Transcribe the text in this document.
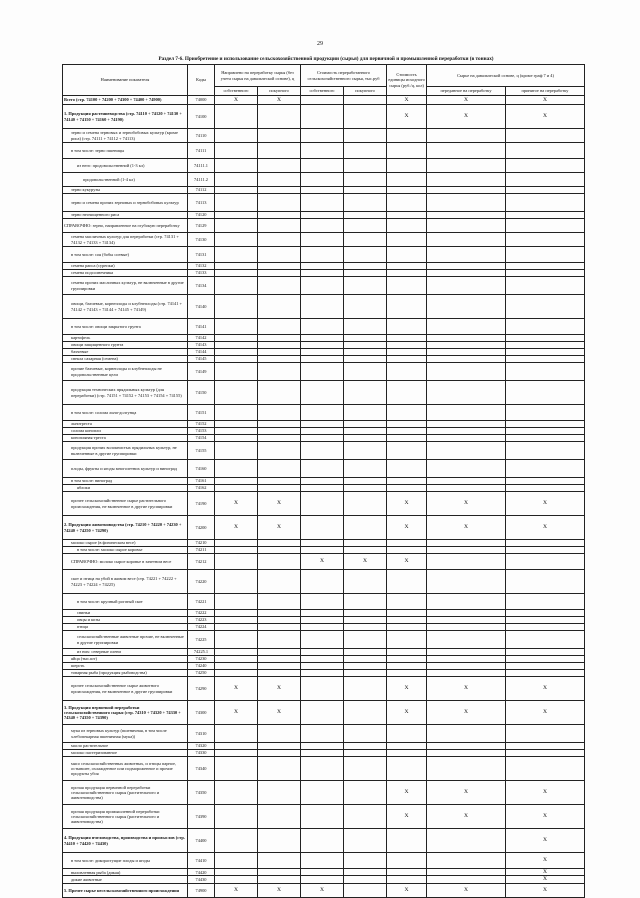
29
Раздел 7-6. Приобретение и использование сельскохозяйственной продукции (сырья) для первичной и промышленной переработки (в тоннах)
Наименование показателя	Коды	Направлено на переработку сырья (без учета сырья на давальческой основе), ц		Стоимость переработанного сельскохозяйственного сырья, тыс.руб		Стоимость единицы исходного сырья (руб./ц, кол)	Сырье на давальческой основе, ц (кроме граф 7 и 4)	
		собственного	покупного	собственного	покупного		переданное на переработку	принятое на переработку
Всего (стр. 74100 + 74200 + 74300 + 74400 + 74900)	74000	X	X			X	X	X
1. Продукция растениеводства (стр. 74110 + 74120 + 74130 + 74140 + 74150 + 74160 + 74190)	74100					X	X	X
зерно и семена зерновых и зернобобовых культур (кроме риса) (стр. 74111 + 74112 + 74113)	74110							
в том числе: зерно пшеницы	74111							
из него: продовольственной (1-3 кл)	74111.1							
продовольственной (1-4 кл)	74111.2							
зерно кукурузы	74112							
зерно и семена прочих зерновых и зернобобовых культур	74113							
зерно неочищенного риса	74120							
СПРАВОЧНО: зерно, направленное на глубокую переработку	74129							
семена масличных культур для переработки (стр. 74131 + 74132 + 74133 + 74134)	74130							
в том числе: соя (бобы соевые)	74131							
семена рапса (сурепки)	74132							
семена подсолнечника	74133							
семена прочих масличных культур, не включенные в другие группировки	74134							
овощи, бахчевые, корнеплоды и клубнеплоды (стр. 74141 + 74142 + 74143 + 74144 + 74145 + 74149)	74140							
в том числе: овощи закрытого грунта	74141							
картофель	74142							
овощи защищенного грунта	74143							
бахчевые	74144							
свекла сахарная (семена)	74145							
прочие бахчевые, корнеплоды и клубнеплоды не продовольственные цели	74149							
продукция технических прядильных культур (для переработки) (стр. 74151 + 74152 + 74153 + 74154 + 74155)	74150							
в том числе: солома льна-долгунца	74151							
льнотреста	74152							
солома конопли	74153							
конопляная треста	74154							
продукция прочих волокнистых прядильных культур, не включенные в другие группировки	74155							
плоды, фрукты и ягоды многолетних культур и виноград	74160							
в том числе: виноград	74161							
яблоки	74162							
прочее сельскохозяйственное сырье растительного происхождения, не включенное в другие группировки	74190	X	X			X	X	X
2. Продукция животноводства (стр. 74210 + 74220 + 74230 + 74240 + 74250 + 74290)	74200	X	X			X	X	X
молоко сырое (в физическом весе)	74210							
в том числе: молоко сырое коровье	74211							
СПРАВОЧНО: молоко сырое коровье в зачетном весе	74212			X	X	X		
скот и птица на убой в живом весе (стр. 74221 + 74222 + 74223 + 74224 + 74225)	74220							
в том числе: крупный рогатый скот	74221							
свиньи	74222							
овцы и козы	74223							
птица	74224							
сельскохозяйственные животные прочие, не включенные в другие группировки	74225							
из них: северные олени	74225.1							
яйца (тыс.шт)	74230							
шерсть	74240							
товарная рыба (продукция рыбоводства)	74250							
прочее сельскохозяйственное сырье животного происхождения, не включенное в другие группировки	74290	X	X			X	X	X
3. Продукция первичной переработки сельскохозяйственного сырья (стр. 74310 + 74320 + 74330 + 74340 + 74350 + 74390)	74300	X	X			X	X	X
мука из зерновых культур (пшеничная, в том числе хлебопекарная пшеничная (мука))	74310							
масло растительное	74320							
молоко пастеризованное	74330							
мясо сельскохозяйственных животных, и птицы парное, остывшее, охлажденное или подмороженное и прочие продукты убоя	74340							
прочая продукция первичной переработки сельскохозяйственного сырья (растительного и животноводства)	74350					X	X	X
прочая продукция промышленной переработки сельскохозяйственного сырья (растительного и животноводства)	74390					X	X	X
4. Продукция пчеловодства, производства и промыслов (стр. 74410 + 74420 + 74430)	74400							X
в том числе: дикорастущие плоды и ягоды	74410							X
выловленная рыба (дикая)	74420							X
дикие животные	74430							X
5. Прочее сырье несельскохозяйственного происхождения	74900	X	X	X		X	X	X
